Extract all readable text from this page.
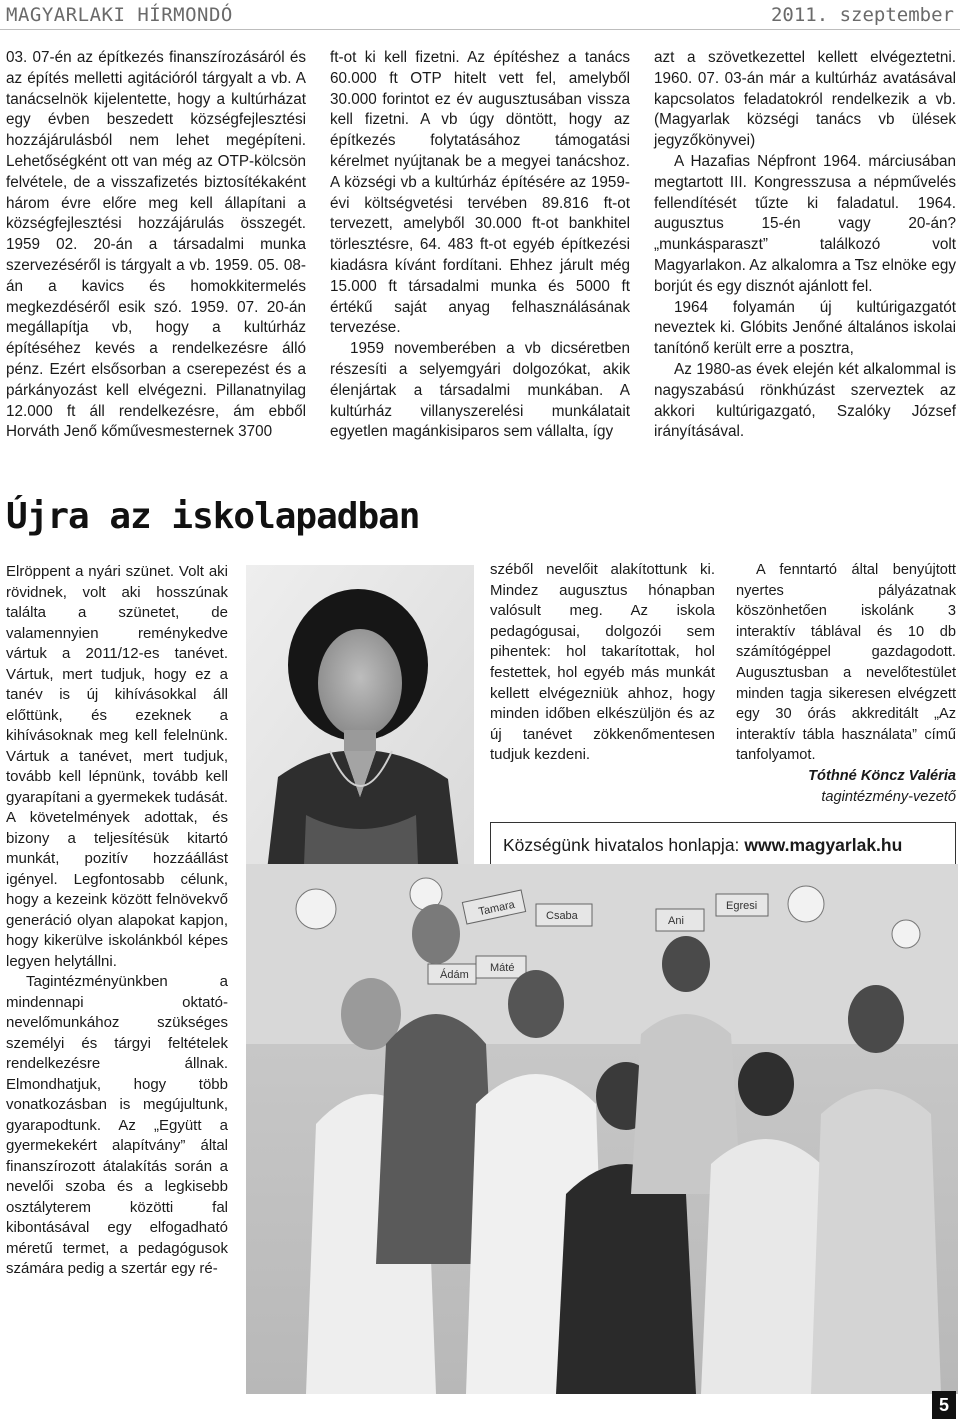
MAGYARLAKI HÍRMONDÓ	2011. szeptember

03. 07-én az építkezés finanszírozásáról és az építés melletti agitációról tárgyalt a vb. A tanácselnök kijelentette, hogy a kultúrházat egy évben beszedett községfejlesztési hozzájárulásból nem lehet megépíteni. Lehetőségként ott van még az OTP-kölcsön felvétele, de a visszafizetés biztosítékaként három évre előre meg kell állapítani a községfejlesztési hozzájárulás összegét. 1959 02. 20-án a társadalmi munka szervezéséről is tárgyalt a vb. 1959. 05. 08-án a kavics és homokkitermelés megkezdéséről esik szó. 1959. 07. 20-án megállapítja vb, hogy a kultúrház építéséhez kevés a rendelkezésre álló pénz. Ezért elsősorban a cserepezést és a párkányozást kell elvégezni. Pillanatnyilag 12.000 ft áll rendelkezésre, ám ebből Horváth Jenő kőművesmesternek 3700

ft-ot ki kell fizetni. Az építéshez a tanács 60.000 ft OTP hitelt vett fel, amelyből 30.000 forintot ez év augusztusában vissza kell fizetni. A vb úgy döntött, hogy az építkezés folytatásához támogatási kérelmet nyújtanak be a megyei tanácshoz. A községi vb a kultúrház építésére az 1959-évi költségvetési tervében 89.816 ft-ot tervezett, amelyből 30.000 ft-ot bankhitel törlesztésre, 64. 483 ft-ot egyéb építkezési kiadásra kívánt fordítani. Ehhez járult még 15.000 ft társadalmi munka és 5000 ft értékű saját anyag felhasználásának tervezése.

1959 novemberében a vb dicséretben részesíti a selyemgyári dolgozókat, akik élenjártak a társadalmi munkában. A kultúrház villanyszerelési munkálatait egyetlen magánkisiparos sem vállalta, így

azt a szövetkezettel kellett elvégeztetni. 1960. 07. 03-án már a kultúrház avatásával kapcsolatos feladatokról rendelkezik a vb. (Magyarlak községi tanács vb ülések jegyzőkönyvei)

A Hazafias Népfront 1964. márciusában megtartott III. Kongresszusa a népművelés fellendítését tűzte ki faladatul. 1964. augusztus 15-én vagy 20-án? „munkásparaszt” találkozó volt Magyarlakon. Az alkalomra a Tsz elnöke egy borjút és egy disznót ajánlott fel.

1964 folyamán új kultúrigazgatót neveztek ki. Glóbits Jenőné általános iskolai tanítónő került erre a posztra,

Az 1980-as évek elején két alkalommal is nagyszabású rönkhúzást szerveztek az akkori kultúrigazgató, Szalóky József irányításával.

Újra az iskolapadban

Elröppent a nyári szünet. Volt aki rövidnek, volt aki hosszúnak találta a szünetet, de valamennyien reménykedve vártuk a 2011/12-es tanévet. Vártuk, mert tudjuk, hogy ez a tanév is új kihívásokkal áll előttünk, és ezeknek a kihívásoknak meg kell felelnünk. Vártuk a tanévet, mert tudjuk, tovább kell lépnünk, tovább kell gyarapítani a gyermekek tudását. A követelmények adottak, és bizony a teljesítésük kitartó munkát, pozitív hozzáállást igényel. Legfontosabb célunk, hogy a kezeink között felnövekvő generáció olyan alapokat kapjon, hogy kikerülve iskolánkból képes legyen helytállni.

Tagintézményünkben a mindennapi oktató-nevelőmunkához szükséges személyi és tárgyi feltételek rendelkezésre állnak. Elmondhatjuk, hogy több vonatkozásban is megújultunk, gyarapodtunk. Az „Együtt a gyermekekért alapítvány” által finanszírozott átalakítás során a nevelői szoba és a legkisebb osztályterem közötti fal kibontásával egy elfogadható méretű termet, a pedagógusok számára pedig a szertár egy ré-

széből nevelőit alakítottunk ki. Mindez augusztus hónapban valósult meg. Az iskola pedagógusai, dolgozói sem pihentek: hol takarítottak, hol festettek, hol egyéb más munkát kellett elvégezniük ahhoz, hogy minden időben elkészüljön és az új tanévet zökkenőmentesen tudjuk kezdeni.

A fenntartó által benyújtott nyertes pályázatnak köszönhetően iskolánk 3 interaktív táblával és 10 db számítógéppel gazdagodott. Augusztusban a nevelőtestület minden tagja sikeresen elvégzett egy 30 órás akkreditált „Az interaktív tábla használata” című tanfolyamot.

Tóthné Köncz Valéria

tagintézmény-vezető

Községünk hivatalos honlapja: www.magyarlak.hu
Tamara	Csaba
Máté
Ádám
Egresi
Ani
5
